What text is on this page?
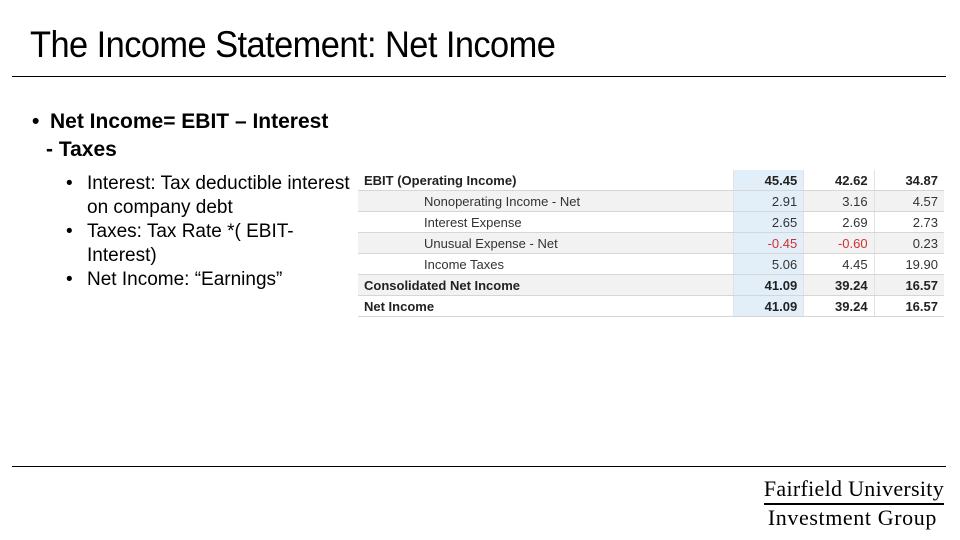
The Income Statement: Net Income
• Net Income= EBIT – Interest
- Taxes
• Interest: Tax deductible interest on company debt
• Taxes: Tax Rate *( EBIT-Interest)
• Net Income: “Earnings”
EBIT (Operating Income)	45.45	42.62	34.87
Nonoperating Income - Net	2.91	3.16	4.57
Interest Expense	2.65	2.69	2.73
Unusual Expense - Net	-0.45	-0.60	0.23
Income Taxes	5.06	4.45	19.90
Consolidated Net Income	41.09	39.24	16.57
Net Income	41.09	39.24	16.57
Fairfield University
Investment Group
